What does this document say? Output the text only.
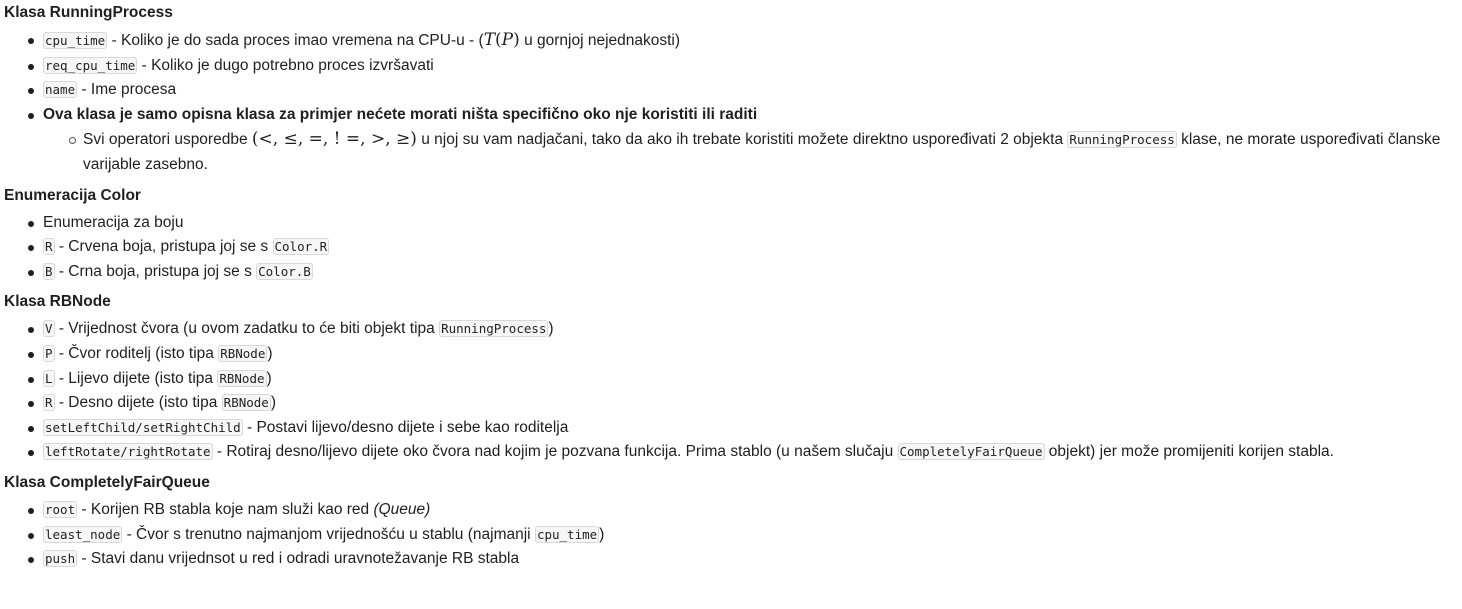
Klasa RunningProcess
cpu_time - Koliko je do sada proces imao vremena na CPU-u - (T(P) u gornjoj nejednakosti)
req_cpu_time - Koliko je dugo potrebno proces izvršavati
name - Ime procesa
Ova klasa je samo opisna klasa za primjer nećete morati ništa specifično oko nje koristiti ili raditi
Svi operatori usporedbe (<, ≤, =, ! =, >, ≥) u njoj su vam nadjačani, tako da ako ih trebate koristiti možete direktno uspoređivati 2 objekta RunningProcess klase, ne morate uspoređivati članske varijable zasebno.
Enumeracija Color
Enumeracija za boju
R - Crvena boja, pristupa joj se s Color.R
B - Crna boja, pristupa joj se s Color.B
Klasa RBNode
V - Vrijednost čvora (u ovom zadatku to će biti objekt tipa RunningProcess )
P - Čvor roditelj (isto tipa RBNode )
L - Lijevo dijete (isto tipa RBNode )
R - Desno dijete (isto tipa RBNode )
setLeftChild/setRightChild - Postavi lijevo/desno dijete i sebe kao roditelja
leftRotate/rightRotate - Rotiraj desno/lijevo dijete oko čvora nad kojim je pozvana funkcija. Prima stablo (u našem slučaju CompletelyFairQueue objekt) jer može promijeniti korijen stabla.
Klasa CompletelyFairQueue
root - Korijen RB stabla koje nam služi kao red (Queue)
least_node - Čvor s trenutno najmanjom vrijednošću u stablu (najmanji cpu_time )
push - Stavi danu vrijednsot u red i odradi uravnotežavanje RB stabla
